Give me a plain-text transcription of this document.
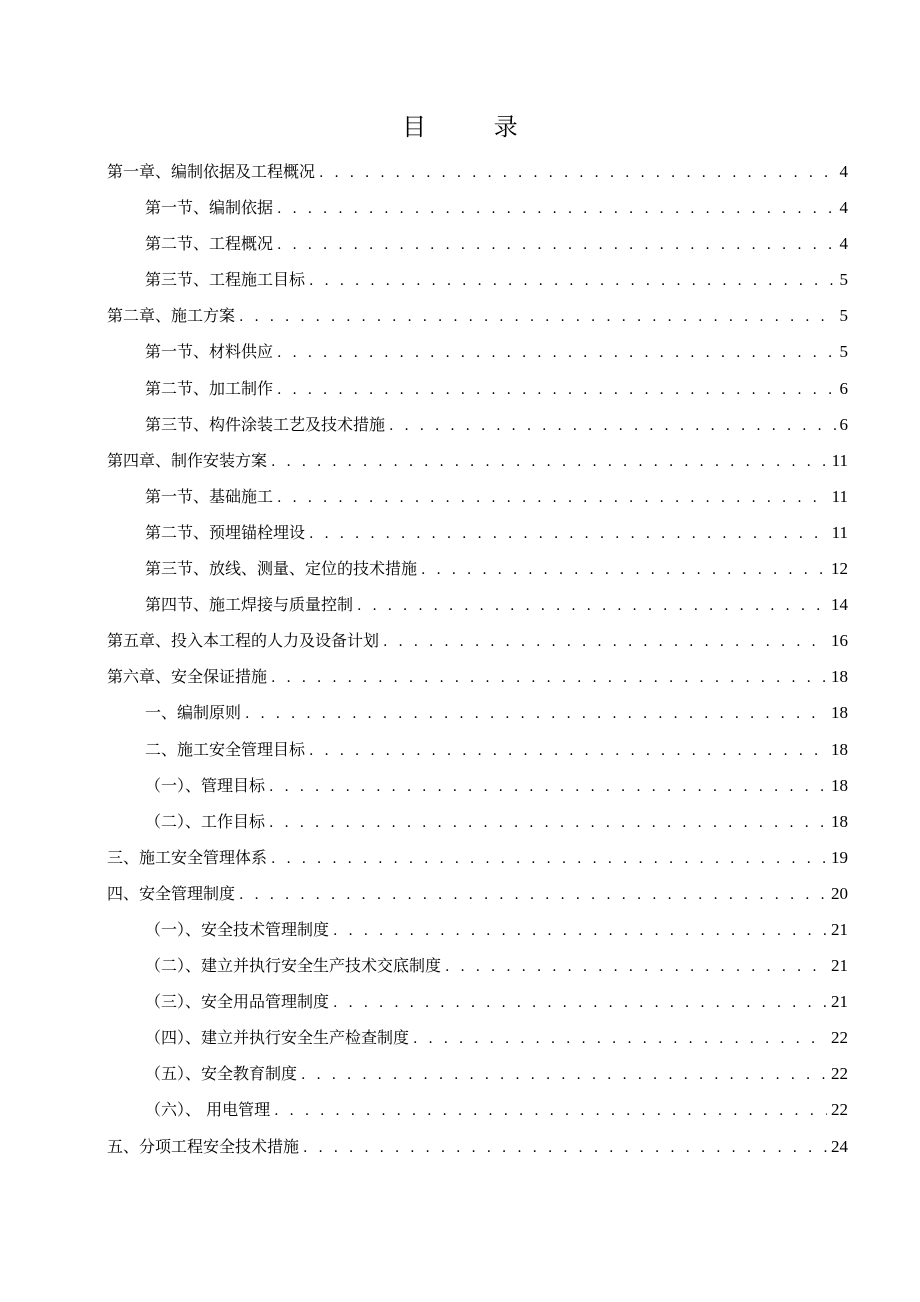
目 录
第一章、编制依据及工程概况 . . .	4
第一节、编制依据 . . .	4
第二节、工程概况 . . .	4
第三节、工程施工目标 . . .	5
第二章、施工方案 . . .	5
第一节、材料供应 . . .	5
第二节、加工制作 . . .	6
第三节、构件涂装工艺及技术措施 . . .	6
第四章、制作安装方案 . . .	11
第一节、基础施工 . . .	11
第二节、预埋锚栓埋设 . . .	11
第三节、放线、测量、定位的技术措施 . . .	12
第四节、施工焊接与质量控制 . . .	14
第五章、投入本工程的人力及设备计划 . . .	16
第六章、安全保证措施 . . .	18
一、编制原则 . . .	18
二、施工安全管理目标 . . .	18
（一）、管理目标 . . .	18
（二）、工作目标 . . .	18
三、施工安全管理体系 . . .	19
四、安全管理制度 . . .	20
（一）、安全技术管理制度 . . .	21
（二）、建立并执行安全生产技术交底制度 . . .	21
（三）、安全用品管理制度 . . .	21
（四）、建立并执行安全生产检查制度 . . .	22
（五）、安全教育制度 . . .	22
（六）、 用电管理 . . .	22
五、分项工程安全技术措施 . . .	24
